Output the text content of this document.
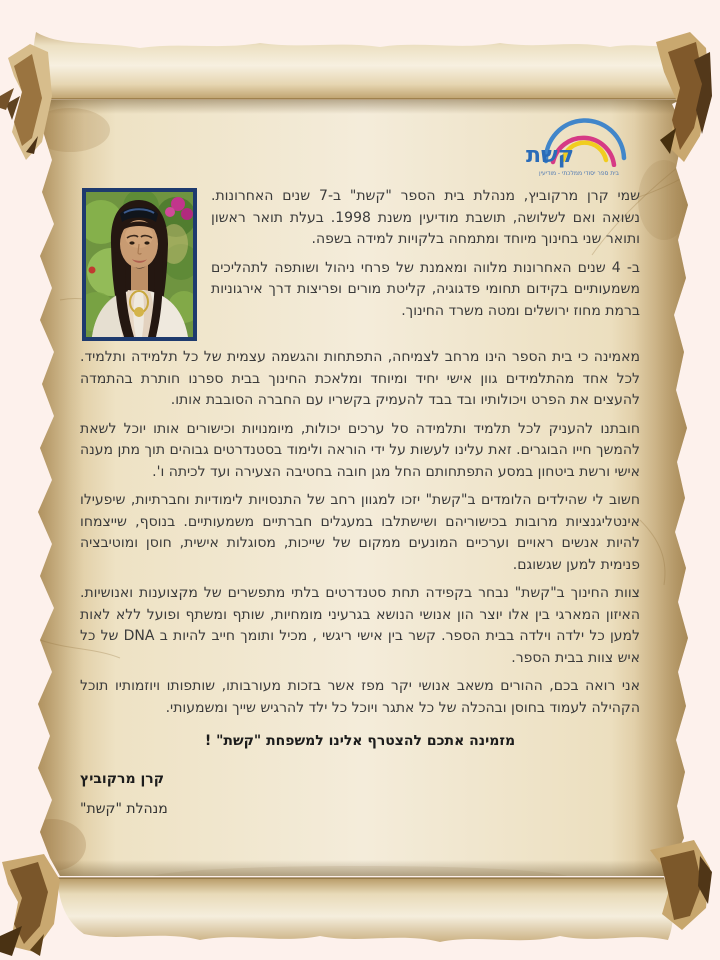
קשת
בית ספר יסודי ממלכתי - מודיעין

שמי קרן מרקוביץ, מנהלת בית הספר "קשת" ב-7 שנים האחרונות. נשואה ואם לשלושה, תושבת מודיעין משנת 1998. בעלת תואר ראשון ותואר שני בחינוך מיוחד ומתמחה בלקויות למידה בשפה.

ב- 4 שנים האחרונות מלווה ומאמנת של פרחי ניהול ושותפה לתהליכים משמעותיים בקידום תחומי פדגוגיה, קליטת מורים ופריצות דרך אירגוניות ברמת מחוז ירושלים ומטה משרד החינוך.

מאמינה כי בית הספר הינו מרחב לצמיחה, התפתחות והגשמה עצמית של כל תלמידה ותלמיד. לכל אחד מהתלמידים גוון אישי יחיד ומיוחד ומלאכת החינוך בבית ספרנו חותרת בהתמדה להעצים את הפרט ויכולותיו ובד בבד להעמיק בקשריו עם החברה הסובבת אותו.

חובתנו להעניק לכל תלמיד ותלמידה סל ערכים יכולות, מיומנויות וכישורים אותו יוכל לשאת להמשך חייו הבוגרים. זאת עלינו לעשות על ידי הוראה ולימוד בסטנדרטים גבוהים תוך מתן מענה אישי ורשת ביטחון במסע התפתחותם החל מגן חובה בחטיבה הצעירה ועד לכיתה ו'.

חשוב לי שהילדים הלומדים ב"קשת" יזכו למגוון רחב של התנסויות לימודיות וחברתיות, שיפעילו אינטליגנציות מרובות בכישוריהם ושישתלבו במעגלים חברתיים משמעותיים. בנוסף, שייצמחו להיות אנשים ראויים וערכיים המונעים ממקום של שייכות, מסוגלות אישית, חוסן ומוטיבציה פנימית למען שגשוגם.

צוות החינוך ב"קשת" נבחר בקפידה תחת סטנדרטים בלתי מתפשרים של מקצוענות ואנושיות. האיזון המארגי בין אלו יוצר הון אנושי הנושא בגרעיני מומחיות, שותף ומשתף ופועל ללא לאות למען כל ילדה וילדה בבית הספר. קשר בין אישי ריגשי , מכיל ותומך חייב להיות ב DNA של כל איש צוות בבית הספר.

אני רואה בכם, ההורים משאב אנושי יקר מפז אשר בזכות מעורבותו, שותפותו ויוזמותיו תוכל הקהילה לעמוד בחוסן ובהכלה של כל אתגר ויוכל כל ילד להרגיש שייך ומשמעותי.

מזמינה אתכם להצטרף אלינו למשפחת "קשת" !

קרן מרקוביץ

מנהלת "קשת"
